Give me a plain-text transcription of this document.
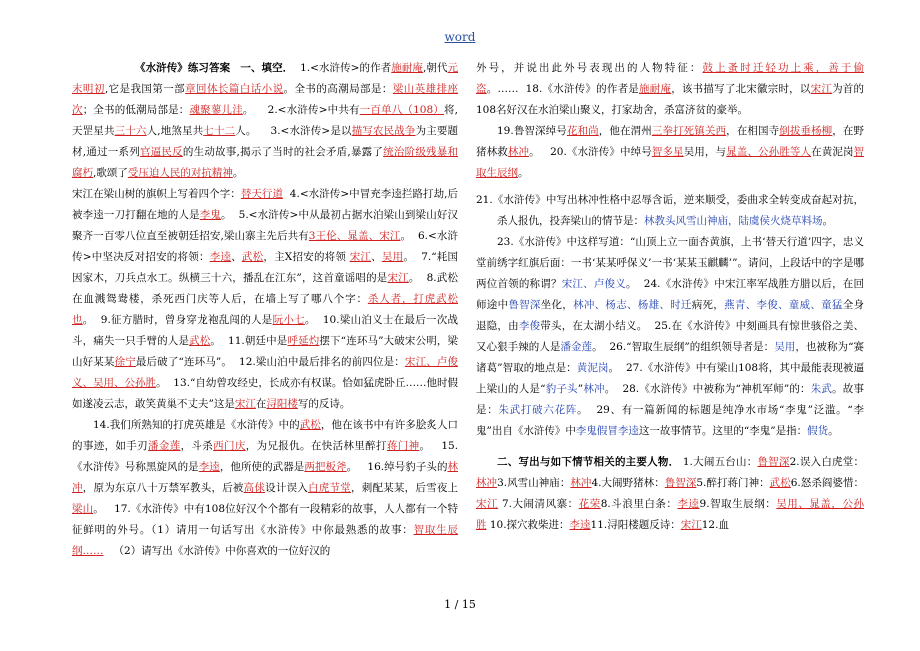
word

《水浒传》练习答案 一、填空． 1.<水浒传>的作者施耐庵,朝代元末明初,它是我国第一部章回体长篇白话小说。全书的高潮局部是：梁山英雄排座次；全书的低潮局部是：魂聚蓼儿洼。 2.<水浒传>中共有一百单八（108）将,天罡星共三十六人,地煞星共七十二人。 3.<水浒传>是以描写农民战争为主要题材,通过一系列官逼民反的生动故事,揭示了当时的社会矛盾,暴露了统治阶级残暴和腐朽,歌颂了受压迫人民的对抗精神。

宋江在梁山树的旗帜上写着四个字：替天行道 4.<水浒传>中冒充李逵拦路打劫,后被李逵一刀打翻在地的人是李鬼。  5.<水浒传>中从最初占据水泊梁山到梁山好汉聚齐一百零八位直至被朝廷招安,梁山寨主先后共有3王伦、晁盖、宋江。  6.<水浒传>中坚决反对招安的将领：李逵、武松，主X招安的将领 宋江、吴用。  7.“耗国因家木，刀兵点水工。纵横三十六，播乱在江东”，这首童谣唱的是宋江。  8.武松在血溅鸳鸯楼，杀死西门庆等人后，在墙上写了哪八个字：杀人者，打虎武松也。  9.征方腊时，曾身穿龙袍乱闯的人是阮小七。  10.梁山泊义士在最后一次战斗，痛失一只手臂的人是武松。  11.朝廷中是呼延灼摆下“连环马”大破宋公明，梁山好某某徐宁最后破了“连环马”。 12.梁山泊中最后排名的前四位是：宋江、卢俊义、吴用、公孙胜。  13.“自幼曾攻经史，长成亦有权谋。恰如猛虎卧丘……他时假如遂凌云志，敢笑黄巢不丈夫”这是宋江在浔阳楼写的反诗。

14.我们所熟知的打虎英雄是《水浒传》中的武松，他在该书中有许多脍炙人口的事迹，如手刃潘金莲，斗杀西门庆，为兄报仇。在快活林里醉打蒋门神。   15.《水浒传》号称黑旋风的是李逵，他所使的武器是两把板斧。 16.绰号豹子头的林冲，原为东京八十万禁军教头，后被高俅设计误入白虎节堂，刺配某某，后雪夜上梁山。   17.《水浒传》中有108位好汉个个都有一段精彩的故事，人人都有一个特征鲜明的外号。（1）请用一句话写出《水浒传》中你最熟悉的故事：智取生辰纲…… （2）请写出《水浒传》中你喜欢的一位好汉的

外号，并说出此外号表现出的人物特征：鼓上蚤时迁轻功上乘，善于偷盗。…… 18.《水浒传》的作者是施耐庵，该书描写了北宋徽宗时，以宋江为首的108名好汉在水泊梁山聚义，打家劫舍，杀富济贫的豪举。

19.鲁智深绰号花和尚，他在渭州三拳打死镇关西，在相国寺倒拔垂杨柳，在野猪林救林冲。   20.《水浒传》中绰号智多星吴用，与晁盖、公孙胜等人在黄泥岗智取生辰纲。

21.《水浒传》中写出林冲性格中忍辱含诟，逆来顺受，委曲求全转变成奋起对抗，杀人报仇，投奔梁山的情节是：林教头风雪山神庙，陆虞侯火烧草料场。

23.《水浒传》中这样写道：“山顶上立一面杏黄旗，上书‘替天行道’四字，忠义堂前绣字红旗后面：一书‘某某呼保义’一书‘某某玉麒麟’”。请问，上段话中的字是哪两位首领的称谓？宋江、卢俊义。  24.《水浒传》中宋江率军战胜方腊以后，在回师途中鲁智深坐化，林冲、杨志、杨雄、时迁病死，燕青、李俊、童威、童猛全身退隐，由李俊带头，在太湖小结义。 25.在《水浒传》中刻画具有惊世骇俗之美、又心狠手辣的人是潘金莲。  26.“智取生辰纲”的组织领导者是：吴用，也被称为“赛诸葛”智取的地点是：黄泥岗。  27.《水浒传》中有梁山108将，其中最能表现被逼上梁山的人是“豹子头”林冲。  28.《水浒传》中被称为“神机军师”的：朱武。故事是：朱武打破六花阵。  29、有一篇新闻的标题是纯净水市场“李鬼”泛滥。“李鬼”出自《水浒传》中李鬼假冒李逵这一故事情节。这里的“李鬼”是指：假货。

二、写出与如下情节相关的主要人物． 1.大闹五台山：鲁智深2.误入白虎堂：林冲3.风雪山神庙：林冲4.大闹野猪林：鲁智深5.醉打蒋门神：武松6.怒杀阎婆惜：宋江 7.大闹清风寨：花荣8.斗浪里白条：李逵9.智取生辰纲：吴用、晁盖，公孙胜 10.探穴救柴进：李逵11.浔阳楼题反诗：宋江12.血

1 / 15
